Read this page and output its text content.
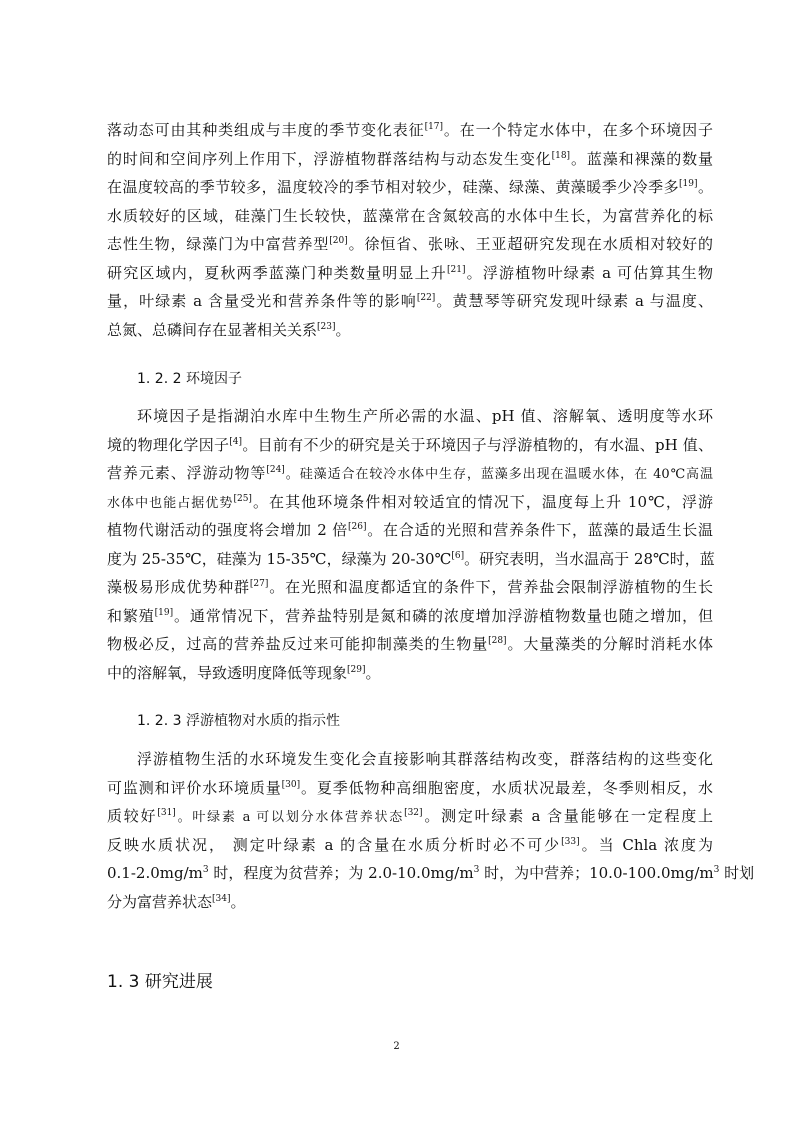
落动态可由其种类组成与丰度的季节变化表征[17]。在一个特定水体中，在多个环境因子
的时间和空间序列上作用下，浮游植物群落结构与动态发生变化[18]。蓝藻和裸藻的数量
在温度较高的季节较多，温度较冷的季节相对较少，硅藻、绿藻、黄藻暖季少冷季多[19]。
水质较好的区域，硅藻门生长较快，蓝藻常在含氮较高的水体中生长，为富营养化的标
志性生物，绿藻门为中富营养型[20]。徐恒省、张咏、王亚超研究发现在水质相对较好的
研究区域内，夏秋两季蓝藻门种类数量明显上升[21]。浮游植物叶绿素 a 可估算其生物
量，叶绿素 a 含量受光和营养条件等的影响[22]。黄慧琴等研究发现叶绿素 a 与温度、
总氮、总磷间存在显著相关关系[23]。
1. 2. 2 环境因子
环境因子是指湖泊水库中生物生产所必需的水温、pH 值、溶解氧、透明度等水环
境的物理化学因子[4]。目前有不少的研究是关于环境因子与浮游植物的，有水温、pH 值、
营养元素、浮游动物等[24]。硅藻适合在较冷水体中生存，蓝藻多出现在温暖水体，在 40℃高温
水体中也能占据优势[25]。在其他环境条件相对较适宜的情况下，温度每上升 10℃，浮游
植物代谢活动的强度将会增加 2 倍[26]。在合适的光照和营养条件下，蓝藻的最适生长温
度为 25-35℃，硅藻为 15-35℃，绿藻为 20-30℃[6]。研究表明，当水温高于 28℃时，蓝
藻极易形成优势种群[27]。在光照和温度都适宜的条件下，营养盐会限制浮游植物的生长
和繁殖[19]。通常情况下，营养盐特别是氮和磷的浓度增加浮游植物数量也随之增加，但
物极必反，过高的营养盐反过来可能抑制藻类的生物量[28]。大量藻类的分解时消耗水体
中的溶解氧，导致透明度降低等现象[29]。
1. 2. 3 浮游植物对水质的指示性
浮游植物生活的水环境发生变化会直接影响其群落结构改变，群落结构的这些变化
可监测和评价水环境质量[30]。夏季低物种高细胞密度，水质状况最差，冬季则相反，水
质较好[31]。叶绿素 a 可以划分水体营养状态[32]。测定叶绿素 a 含量能够在一定程度上
反映水质状况， 测定叶绿素 a 的含量在水质分析时必不可少[33]。当 Chla 浓度为
$0.1-2.0mg/m^3$ 时，程度为贫营养；为 $2.0-10.0mg/m^3$ 时，为中营养；$10.0-100.0mg/m^3$ 时划
分为富营养状态[34]。
1. 3 研究进展
2
